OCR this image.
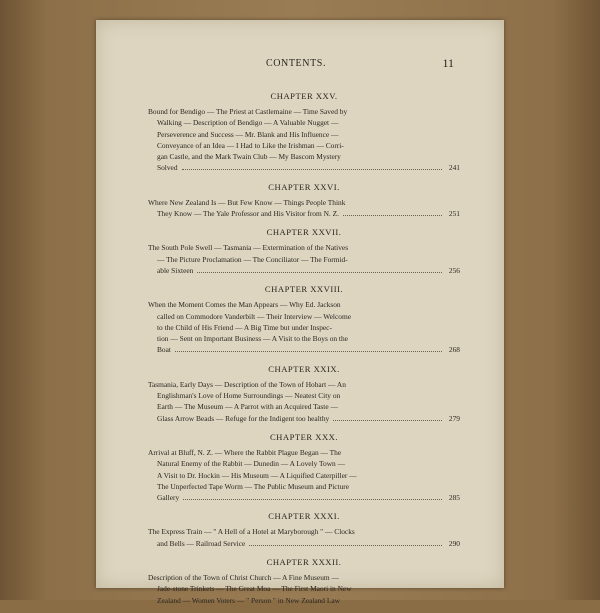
CONTENTS.	11
CHAPTER XXV.
Bound for Bendigo — The Priest at Castlemaine — Time Saved by
Walking — Description of Bendigo — A Valuable Nugget —
Perseverence and Success — Mr. Blank and His Influence —
Conveyance of an Idea — I Had to Like the Irishman — Corri-
gan Castle, and the Mark Twain Club — My Bascom Mystery
Solved	241
CHAPTER XXVI.
Where New Zealand Is — But Few Know — Things People Think
They Know — The Yale Professor and His Visitor from N. Z.	251
CHAPTER XXVII.
The South Pole Swell — Tasmania — Extermination of the Natives
— The Picture Proclamation — The Conciliator — The Formid-
able Sixteen	256
CHAPTER XXVIII.
When the Moment Comes the Man Appears — Why Ed. Jackson
called on Commodore Vanderbilt — Their Interview — Welcome
to the Child of His Friend — A Big Time but under Inspec-
tion — Sent on Important Business — A Visit to the Boys on the
Boat	268
CHAPTER XXIX.
Tasmania, Early Days — Description of the Town of Hobart — An
Englishman's Love of Home Surroundings — Neatest City on
Earth — The Museum — A Parrot with an Acquired Taste —
Glass Arrow Beads — Refuge for the Indigent too healthy	279
CHAPTER XXX.
Arrival at Bluff, N. Z. — Where the Rabbit Plague Began — The
Natural Enemy of the Rabbit — Dunedin — A Lovely Town —
A Visit to Dr. Hockin — His Museum — A Liquified Caterpiller —
The Unperfected Tape Worm — The Public Museum and Picture
Gallery	285
CHAPTER XXXI.
The Express Train — " A Hell of a Hotel at Maryborough " — Clocks
and Bells — Railroad Service	290
CHAPTER XXXII.
Description of the Town of Christ Church — A Fine Museum —
Jade-stone Trinkets — The Great Moa — The First Maori in New
Zealand — Women Voters — " Person " in New Zealand Law
